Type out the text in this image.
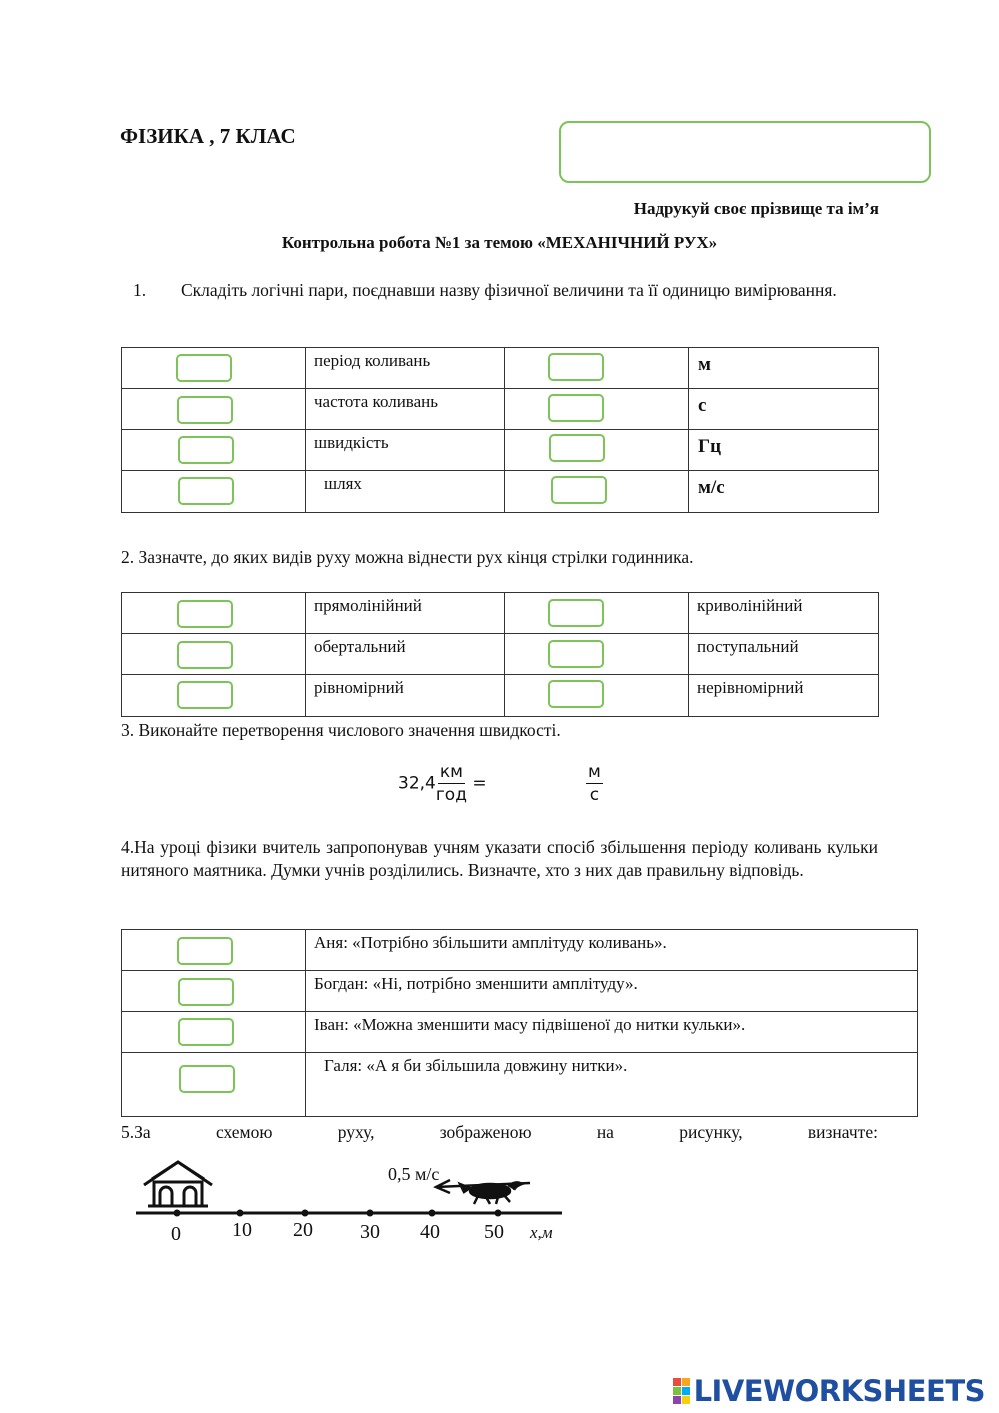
ФІЗИКА , 7 КЛАС
Надрукуй своє прізвище та ім’я
Контрольна робота №1 за темою «МЕХАНІЧНИЙ РУХ»
1. Складіть логічні пари, поєднавши назву фізичної величини та її одиницю вимірювання.

	період коливань		м

	частота коливань		с

	швидкість		Гц

	шлях		м/с
2. Зазначте, до яких видів руху можна віднести рух кінця стрілки годинника.

	прямолінійний		криволінійний

	обертальний		поступальний

	рівномірний		нерівномірний
3. Виконайте перетворення числового значення швидкості.
$32,4 \frac{км}{\text{год}}$ =	$\frac{м}{с}$
4.На уроці фізики вчитель запропонував учням указати спосіб збільшення періоду коливань кульки нитяного маятника. Думки учнів розділились. Визначте, хто з них дав правильну відповідь.

	Аня: «Потрібно збільшити амплітуду коливань».

	Богдан: «Ні, потрібно зменшити амплітуду».

	Іван: «Можна зменшити масу підвішеної до нитки кульки».

	Галя: «А я би збільшила довжину нитки».
5.За	схемою	руху,	зображеною	на	рисунку,	визначте:
0	10 20 30 40 50 x,м
0,5 м/с
LIVEWORKSHEETS
